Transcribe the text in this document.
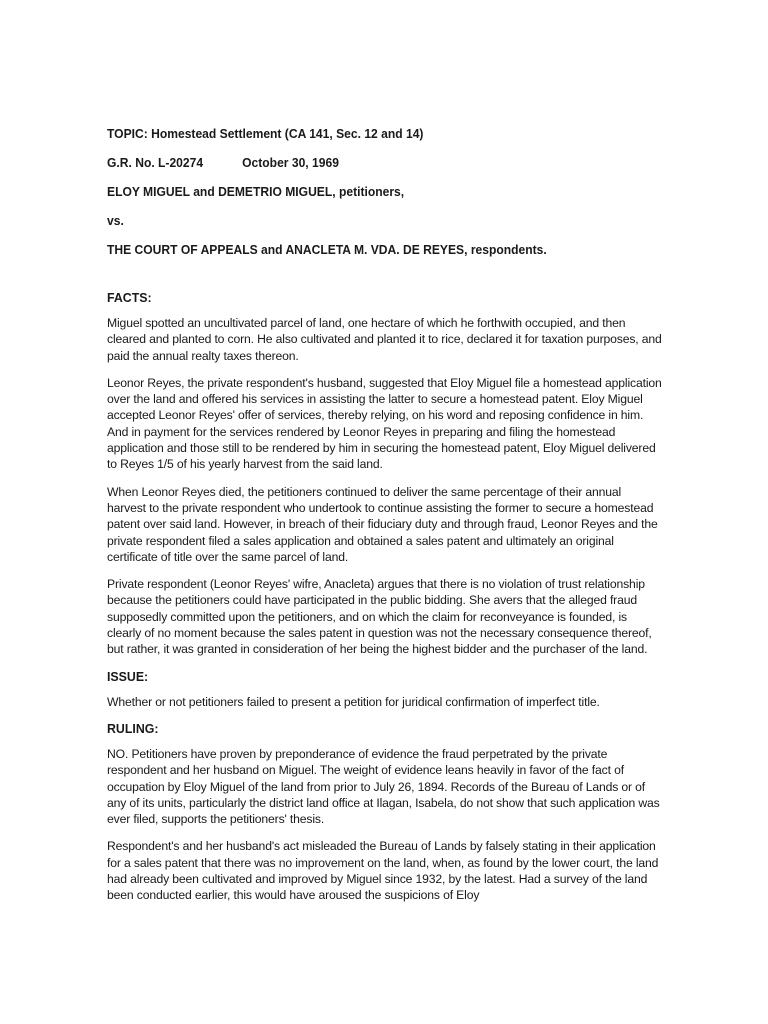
TOPIC: Homestead Settlement (CA 141, Sec. 12 and 14)
G.R. No. L-20274	October 30, 1969
ELOY MIGUEL and DEMETRIO MIGUEL, petitioners,
vs.
THE COURT OF APPEALS and ANACLETA M. VDA. DE REYES, respondents.
FACTS:

Miguel spotted an uncultivated parcel of land, one hectare of which he forthwith occupied, and then cleared and planted to corn. He also cultivated and planted it to rice, declared it for taxation purposes, and paid the annual realty taxes thereon.

Leonor Reyes, the private respondent's husband, suggested that Eloy Miguel file a homestead application over the land and offered his services in assisting the latter to secure a homestead patent. Eloy Miguel accepted Leonor Reyes' offer of services, thereby relying, on his word and reposing confidence in him. And in payment for the services rendered by Leonor Reyes in preparing and filing the homestead application and those still to be rendered by him in securing the homestead patent, Eloy Miguel delivered to Reyes 1/5 of his yearly harvest from the said land.

When Leonor Reyes died, the petitioners continued to deliver the same percentage of their annual harvest to the private respondent who undertook to continue assisting the former to secure a homestead patent over said land. However, in breach of their fiduciary duty and through fraud, Leonor Reyes and the private respondent filed a sales application and obtained a sales patent and ultimately an original certificate of title over the same parcel of land.

Private respondent (Leonor Reyes' wifre, Anacleta) argues that there is no violation of trust relationship because the petitioners could have participated in the public bidding. She avers that the alleged fraud supposedly committed upon the petitioners, and on which the claim for reconveyance is founded, is clearly of no moment because the sales patent in question was not the necessary consequence thereof, but rather, it was granted in consideration of her being the highest bidder and the purchaser of the land.

ISSUE:

Whether or not petitioners failed to present a petition for juridical confirmation of imperfect title.

RULING:

NO. Petitioners have proven by preponderance of evidence the fraud perpetrated by the private respondent and her husband on Miguel. The weight of evidence leans heavily in favor of the fact of occupation by Eloy Miguel of the land from prior to July 26, 1894. Records of the Bureau of Lands or of any of its units, particularly the district land office at Ilagan, Isabela, do not show that such application was ever filed, supports the petitioners' thesis.

Respondent's and her husband's act misleaded the Bureau of Lands by falsely stating in their application for a sales patent that there was no improvement on the land, when, as found by the lower court, the land had already been cultivated and improved by Miguel since 1932, by the latest. Had a survey of the land been conducted earlier, this would have aroused the suspicions of Eloy
